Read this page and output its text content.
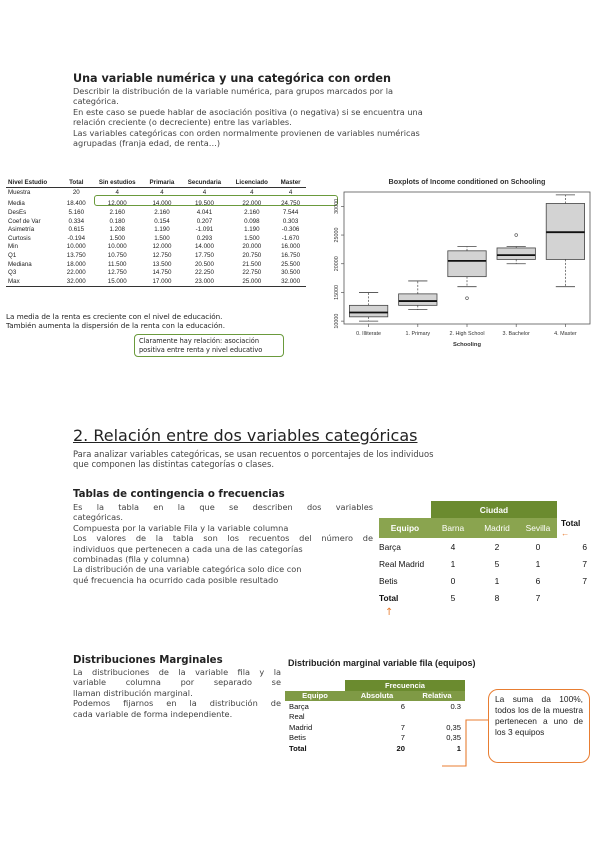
Una variable numérica y una categórica con orden

Describir la distribución de la variable numérica, para grupos marcados por la

categórica.

En este caso se puede hablar de asociación positiva (o negativa) si se encuentra una

relación creciente (o decreciente) entre las variables.

Las variables categóricas con orden normalmente provienen de variables numéricas

agrupadas (franja edad, de renta…)

Nivel Estudio	Total	Sin estudios	Primaria	Secundaria	Licenciado	Master
Muestra	20	4	4	4	4	4
Media	18.400	12.000	14.000	19.500	22.000	24.750
DesEs	5.160	2.160	2.160	4.041	2.160	7.544
Coef de Var	0.334	0.180	0.154	0.207	0.098	0.303
Asimetría	0.615	1.208	1.190	-1.091	1.190	-0.306
Curtosis	-0.194	1.500	1.500	0.293	1.500	-1.670
Min	10.000	10.000	12.000	14.000	20.000	16.000
Q1	13.750	10.750	12.750	17.750	20.750	16.750
Mediana	18.000	11.500	13.500	20.500	21.500	25.500
Q3	22.000	12.750	14.750	22.250	22.750	30.500
Max	32.000	15.000	17.000	23.000	25.000	32.000

La media de la renta es creciente con el nivel de educación.

También aumenta la dispersión de la renta con la educación.

Claramente hay relación: asociación positiva entre renta y nivel educativo
Boxplots of Income conditioned on Schooling
10000
15000
20000
25000
30000
0. Illiterate	1. Primary	2. High School	3. Bachelor	4. Master
Schooling
2. Relación entre dos variables categóricas

Para analizar variables categóricas, se usan recuentos o porcentajes de los individuos

que componen las distintas categorías o clases.

Tablas de contingencia o frecuencias

Es la tabla en la que se describen dos variables

categóricas.

Compuesta por la variable Fila y la variable columna

Los valores de la tabla son los recuentos del número de

individuos que pertenecen a cada una de las categorías

combinadas (fila y columna)

La distribución de una variable categórica solo dice con

qué frecuencia ha ocurrido cada posible resultado

	Ciudad			
Equipo	Barna	Madrid	Sevilla	Total ←
Barça	4	2	0	6
Real Madrid	1	5	1	7
Betis	0	1	6	7
Total	5	8	7	
↑
Distribuciones Marginales

La distribuciones de la variable fila y la

variable columna por separado se

llaman distribución marginal.

Podemos fijarnos en la distribución de

cada variable de forma independiente.

Distribución marginal variable fila (equipos)
	Frecuencia	
Equipo	Absoluta	Relativa
Barça	6	0.3
Real		
Madrid	7	0,35
Betis	7	0,35
Total	20	1
La suma da 100%, todos los de la muestra pertenecen a uno de los 3 equipos
